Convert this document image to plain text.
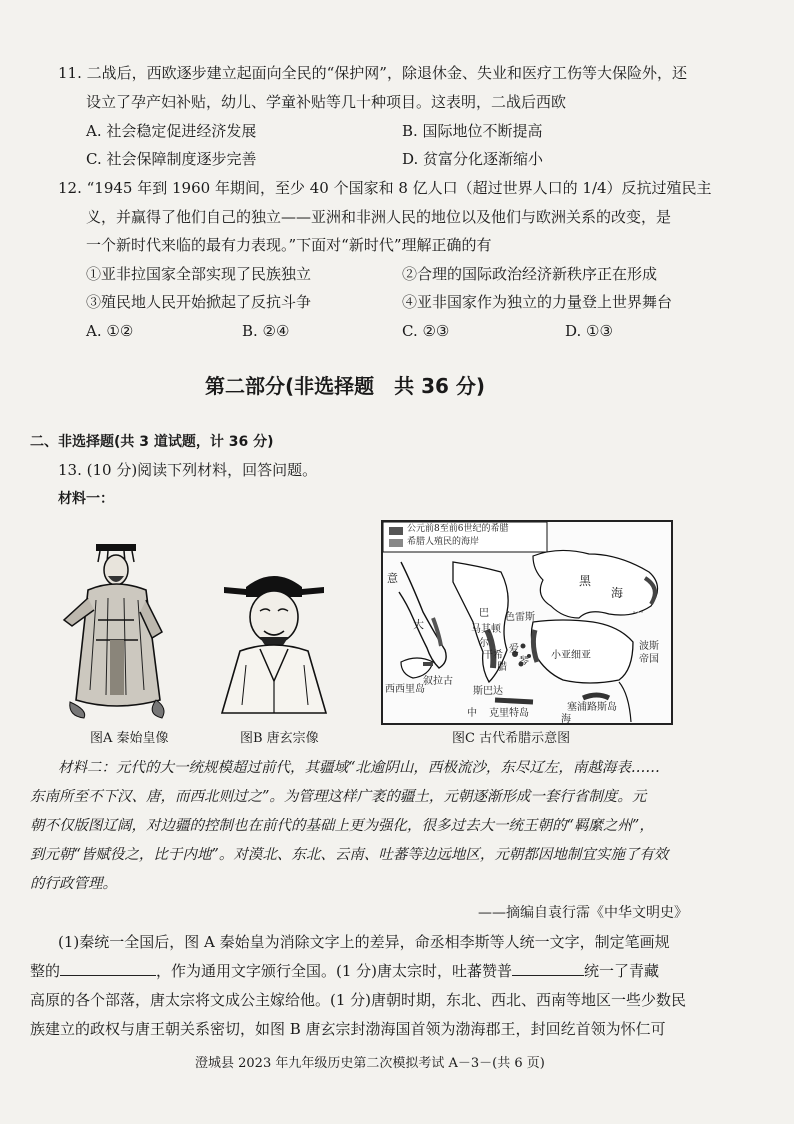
11. 二战后，西欧逐步建立起面向全民的“保护网”，除退休金、失业和医疗工伤等大保险外，还
设立了孕产妇补贴，幼儿、学童补贴等几十种项目。这表明，二战后西欧
A. 社会稳定促进经济发展	B. 国际地位不断提高
C. 社会保障制度逐步完善	D. 贫富分化逐渐缩小
12. “1945 年到 1960 年期间，至少 40 个国家和 8 亿人口（超过世界人口的 1/4）反抗过殖民主
义，并赢得了他们自己的独立——亚洲和非洲人民的地位以及他们与欧洲关系的改变，是
一个新时代来临的最有力表现。”下面对“新时代”理解正确的有
①亚非拉国家全部实现了民族独立	②合理的国际政治经济新秩序正在形成
③殖民地人民开始掀起了反抗斗争	④亚非国家作为独立的力量登上世界舞台
A. ①②	B. ②④	C. ②③	D. ①③
第二部分(非选择题　共 36 分)
二、非选择题(共 3 道试题，计 36 分)
13. (10 分)阅读下列材料，回答问题。
材料一：
公元前8至前6世纪的希腊
希腊人殖民的海岸
意	黑
海
巴 色雷斯
马其顿
大
尔
干 希
腊
爱
琴
小亚细亚
波斯帝国
叙拉古
西西里岛	斯巴达
中 克里特岛
塞浦路斯岛
海
图A 秦始皇像	图B 唐玄宗像	图C 古代希腊示意图
材料二：元代的大一统规模超过前代，其疆域“北逾阴山，西极流沙，东尽辽左，南越海表……
东南所至不下汉、唐，而西北则过之”。为管理这样广袤的疆土，元朝逐渐形成一套行省制度。元
朝不仅版图辽阔，对边疆的控制也在前代的基础上更为强化，很多过去大一统王朝的“羁縻之州”，
到元朝“皆赋役之，比于内地”。对漠北、东北、云南、吐蕃等边远地区，元朝都因地制宜实施了有效
的行政管理。
——摘编自袁行霈《中华文明史》
(1)秦统一全国后，图 A 秦始皇为消除文字上的差异，命丞相李斯等人统一文字，制定笔画规
整的	，作为通用文字颁行全国。(1 分)唐太宗时，吐蕃赞普	统一了青藏
高原的各个部落，唐太宗将文成公主嫁给他。(1 分)唐朝时期，东北、西北、西南等地区一些少数民
族建立的政权与唐王朝关系密切，如图 B 唐玄宗封渤海国首领为渤海郡王，封回纥首领为怀仁可
澄城县 2023 年九年级历史第二次模拟考试 A－3－(共 6 页)
